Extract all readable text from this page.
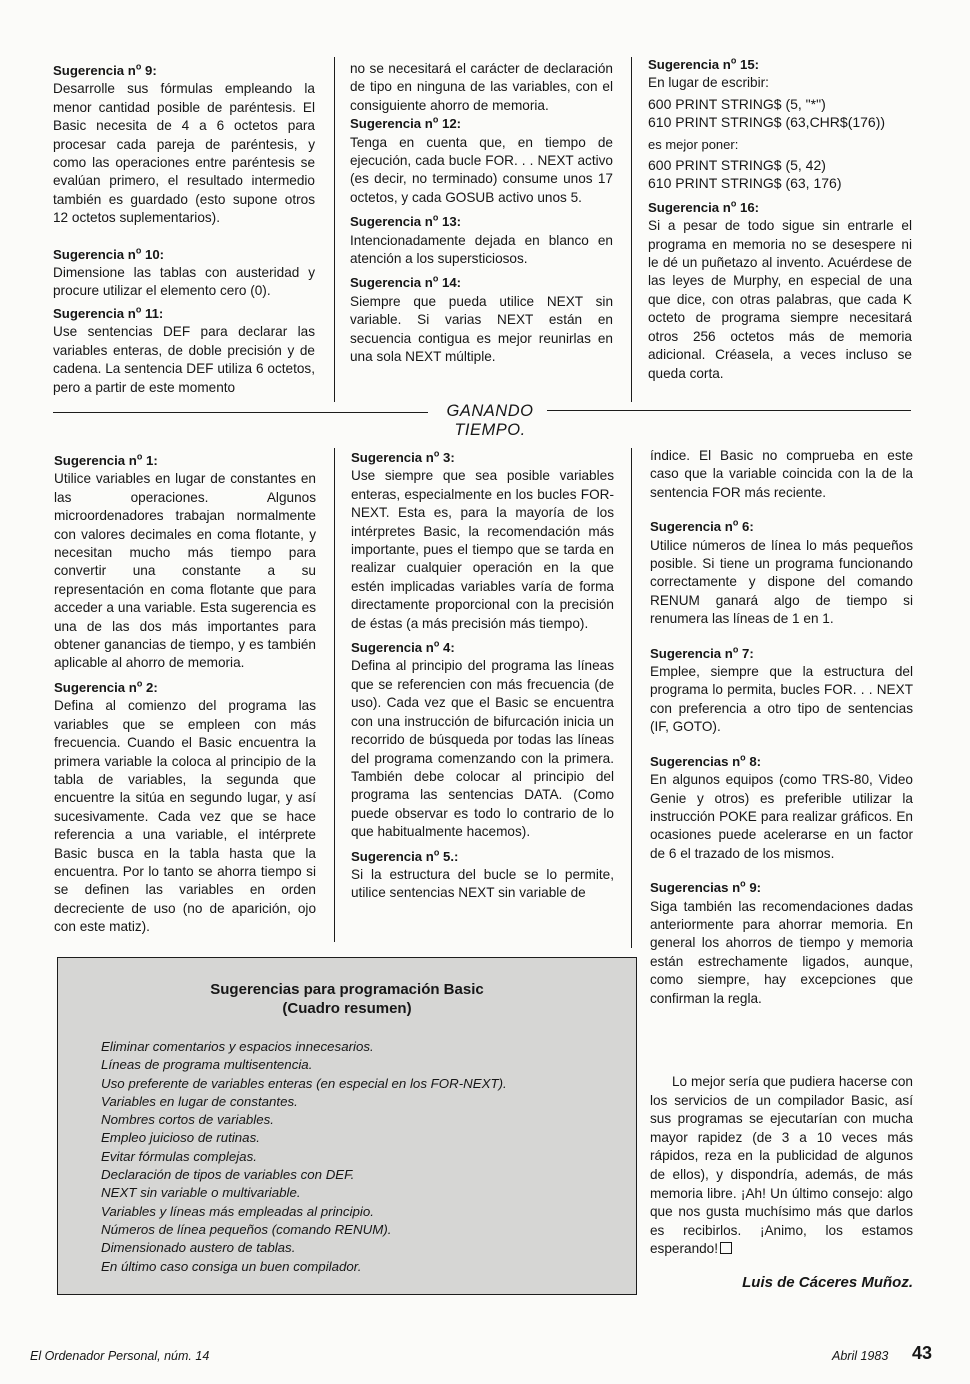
Sugerencia $n^o$ 9:

Desarrolle sus fórmulas empleando la menor cantidad posible de paréntesis. El Basic necesita de 4 a 6 octetos para procesar cada pareja de paréntesis, y como las operaciones entre paréntesis se evalúan primero, el resultado intermedio también es guardado (esto supone otros 12 octetos suplementarios).

Sugerencia $n^o$ 10:

Dimensione las tablas con austeridad y procure utilizar el elemento cero (0).

Sugerencia $n^o$ 11:

Use sentencias DEF para declarar las variables enteras, de doble precisión y de cadena. La sentencia DEF utiliza 6 octetos, pero a partir de este momento

no se necesitará el carácter de declaración de tipo en ninguna de las variables, con el consiguiente ahorro de memoria.

Sugerencia $n^o$ 12:

Tenga en cuenta que, en tiempo de ejecución, cada bucle FOR. . . NEXT activo (es decir, no terminado) consume unos 17 octetos, y cada GOSUB activo unos 5.

Sugerencia $n^o$ 13:

Intencionadamente dejada en blanco en atención a los supersticiosos.

Sugerencia $n^o$ 14:

Siempre que pueda utilice NEXT sin variable. Si varias NEXT están en secuencia contigua es mejor reunirlas en una sola NEXT múltiple.

Sugerencia $n^o$ 15:

En lugar de escribir:

600 PRINT STRING$ (5, "*")

610 PRINT STRING$ (63,CHR$(176))

es mejor poner:

600 PRINT STRING$ (5, 42)

610 PRINT STRING$ (63, 176)

Sugerencia $n^o$ 16:

Si a pesar de todo sigue sin entrarle el programa en memoria no se desespere ni le dé un puñetazo al invento. Acuérdese de las leyes de Murphy, en especial de una que dice, con otras palabras, que cada K octeto de programa siempre necesitará otros 256 octetos más de memoria adicional. Créasela, a veces incluso se queda corta.

GANANDO
TIEMPO.

Sugerencia $n^o$ 1:

Utilice variables en lugar de constantes en las operaciones. Algunos microordenadores trabajan normalmente con valores decimales en coma flotante, y necesitan mucho más tiempo para convertir una constante a su representación en coma flotante que para acceder a una variable. Esta sugerencia es una de las dos más importantes para obtener ganancias de tiempo, y es también aplicable al ahorro de memoria.

Sugerencia $n^o$ 2:

Defina al comienzo del programa las variables que se empleen con más frecuencia. Cuando el Basic encuentra la primera variable la coloca al principio de la tabla de variables, la segunda que encuentre la sitúa en segundo lugar, y así sucesivamente. Cada vez que se hace referencia a una variable, el intérprete Basic busca en la tabla hasta que la encuentra. Por lo tanto se ahorra tiempo si se definen las variables en orden decreciente de uso (no de aparición, ojo con este matiz).

Sugerencia $n^o$ 3:

Use siempre que sea posible variables enteras, especialmente en los bucles FOR-NEXT. Esta es, para la mayoría de los intérpretes Basic, la recomendación más importante, pues el tiempo que se tarda en realizar cualquier operación en la que estén implicadas variables varía de forma directamente proporcional con la precisión de éstas (a más precisión más tiempo).

Sugerencia $n^o$ 4:

Defina al principio del programa las líneas que se referencien con más frecuencia (de uso). Cada vez que el Basic se encuentra con una instrucción de bifurcación inicia un recorrido de búsqueda por todas las líneas del programa comenzando con la primera. También debe colocar al principio del programa las sentencias DATA. (Como puede observar es todo lo contrario de lo que habitualmente hacemos).

Sugerencia $n^o$ 5.:

Si la estructura del bucle se lo permite, utilice sentencias NEXT sin variable de

índice. El Basic no comprueba en este caso que la variable coincida con la de la sentencia FOR más reciente.

Sugerencia $n^o$ 6:

Utilice números de línea lo más pequeños posible. Si tiene un programa funcionando correctamente y dispone del comando RENUM ganará algo de tiempo si renumera las líneas de 1 en 1.

Sugerencia $n^o$ 7:

Emplee, siempre que la estructura del programa lo permita, bucles FOR. . . NEXT con preferencia a otro tipo de sentencias (IF, GOTO).

Sugerencias $n^o$ 8:

En algunos equipos (como TRS-80, Video Genie y otros) es preferible utilizar la instrucción POKE para realizar gráficos. En ocasiones puede acelerarse en un factor de 6 el trazado de los mismos.

Sugerencias $n^o$ 9:

Siga también las recomendaciones dadas anteriormente para ahorrar memoria. En general los ahorros de tiempo y memoria están estrechamente ligados, aunque, como siempre, hay excepciones que confirman la regla.

Lo mejor sería que pudiera hacerse con los servicios de un compilador Basic, así sus programas se ejecutarían con mucha mayor rapidez (de 3 a 10 veces más rápidos, reza en la publicidad de algunos de ellos), y dispondría, además, de más memoria libre. ¡Ah! Un último consejo: algo que nos gusta muchísimo más que darlos es recibirlos. ¡Animo, los estamos esperando!
Luis de Cáceres Muñoz.
Sugerencias para programación Basic
(Cuadro resumen)
Eliminar comentarios y espacios innecesarios.
Líneas de programa multisentencia.
Uso preferente de variables enteras (en especial en los FOR-NEXT).
Variables en lugar de constantes.
Nombres cortos de variables.
Empleo juicioso de rutinas.
Evitar fórmulas complejas.
Declaración de tipos de variables con DEF.
NEXT sin variable o multivariable.
Variables y líneas más empleadas al principio.
Números de línea pequeños (comando RENUM).
Dimensionado austero de tablas.
En último caso consiga un buen compilador.
El Ordenador Personal, núm. 14	Abril 1983 43
